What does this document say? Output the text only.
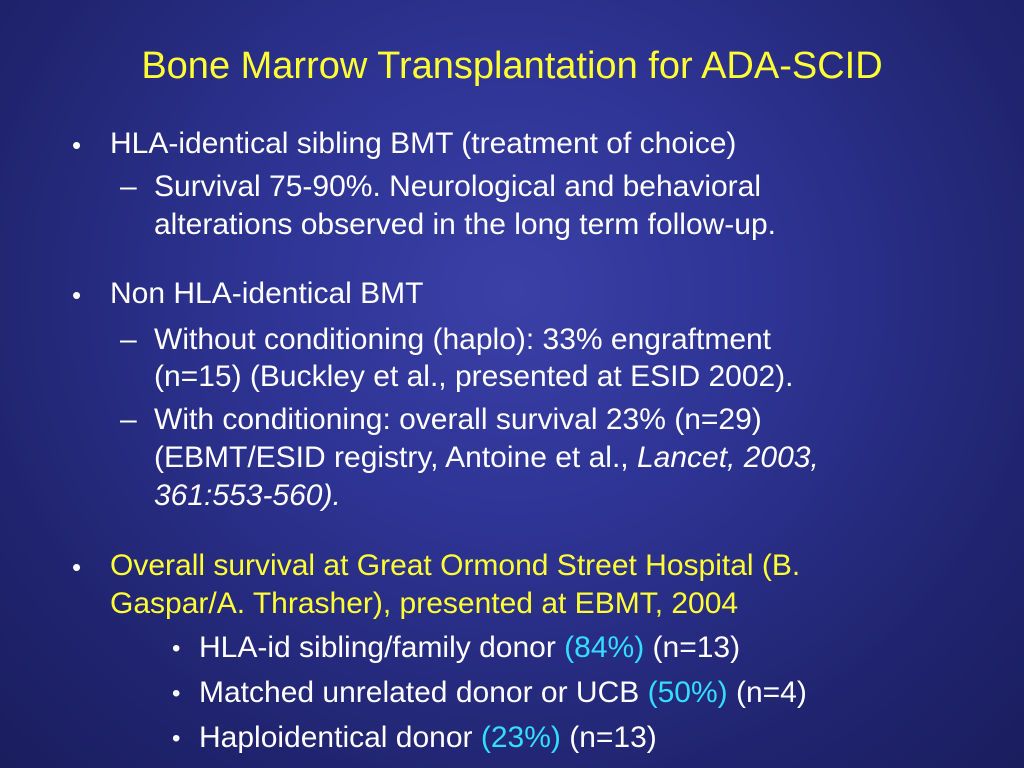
Bone Marrow Transplantation for ADA-SCID
• HLA-identical sibling BMT (treatment of choice)
– Survival 75-90%. Neurological and behavioral
alterations observed in the long term follow-up.
• Non HLA-identical BMT
– Without conditioning (haplo): 33% engraftment
(n=15) (Buckley et al., presented at ESID 2002).
– With conditioning: overall survival 23% (n=29)
(EBMT/ESID registry, Antoine et al., Lancet, 2003,
361:553-560).
• Overall survival at Great Ormond Street Hospital (B.
Gaspar/A. Thrasher), presented at EBMT, 2004
• HLA-id sibling/family donor (84%) (n=13)
• Matched unrelated donor or UCB (50%) (n=4)
• Haploidentical donor (23%) (n=13)
